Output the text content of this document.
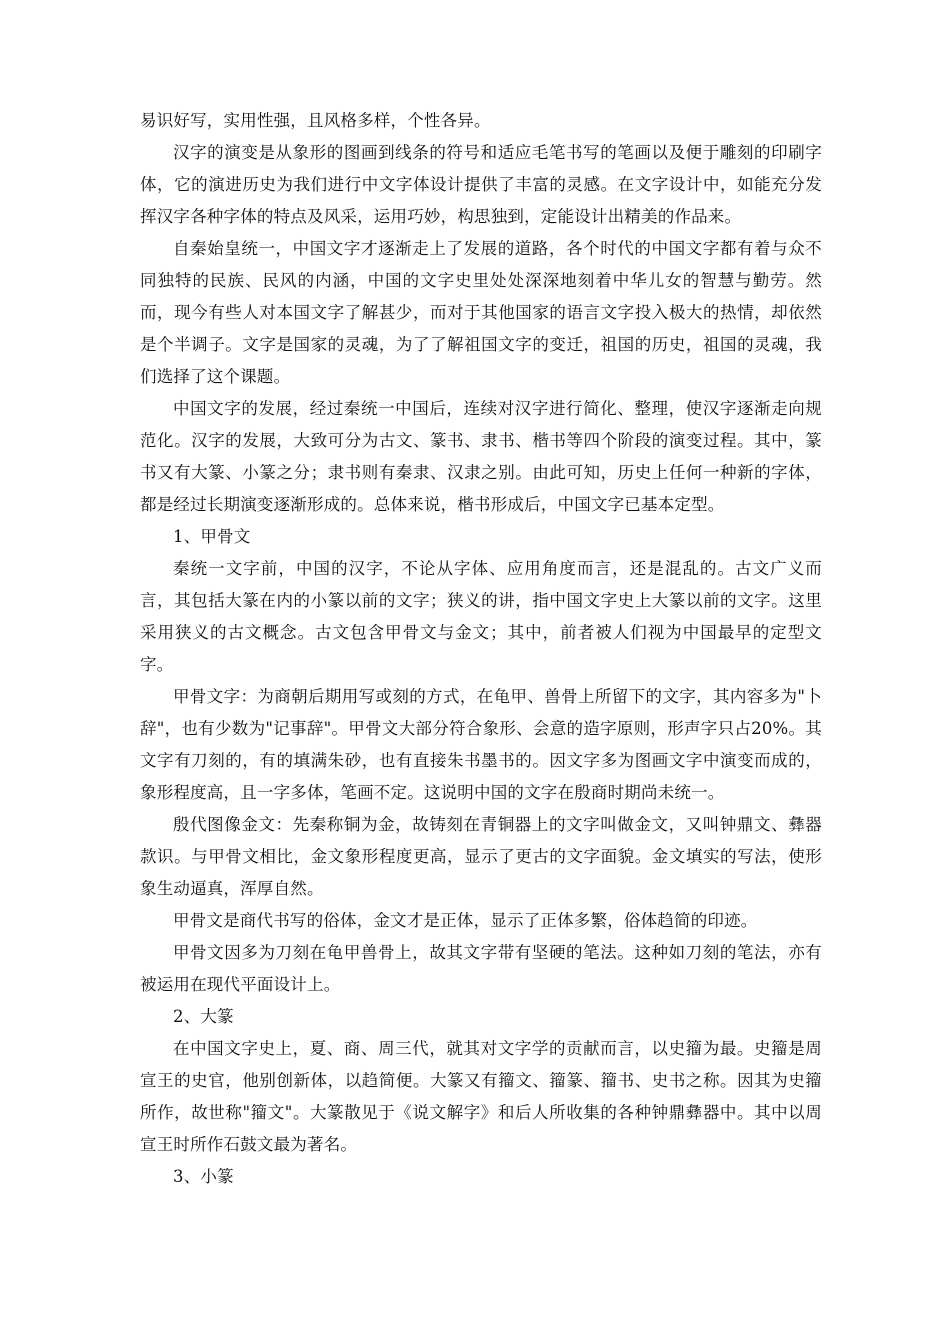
易识好写，实用性强，且风格多样，个性各异。

汉字的演变是从象形的图画到线条的符号和适应毛笔书写的笔画以及便于雕刻的印刷字体，它的演进历史为我们进行中文字体设计提供了丰富的灵感。在文字设计中，如能充分发挥汉字各种字体的特点及风采，运用巧妙，构思独到，定能设计出精美的作品来。

自秦始皇统一，中国文字才逐渐走上了发展的道路，各个时代的中国文字都有着与众不同独特的民族、民风的内涵，中国的文字史里处处深深地刻着中华儿女的智慧与勤劳。然而，现今有些人对本国文字了解甚少，而对于其他国家的语言文字投入极大的热情，却依然是个半调子。文字是国家的灵魂，为了了解祖国文字的变迁，祖国的历史，祖国的灵魂，我们选择了这个课题。

中国文字的发展，经过秦统一中国后，连续对汉字进行简化、整理，使汉字逐渐走向规范化。汉字的发展，大致可分为古文、篆书、隶书、楷书等四个阶段的演变过程。其中，篆书又有大篆、小篆之分；隶书则有秦隶、汉隶之别。由此可知，历史上任何一种新的字体，都是经过长期演变逐渐形成的。总体来说，楷书形成后，中国文字已基本定型。

1、甲骨文

秦统一文字前，中国的汉字，不论从字体、应用角度而言，还是混乱的。古文广义而言，其包括大篆在内的小篆以前的文字；狭义的讲，指中国文字史上大篆以前的文字。这里采用狭义的古文概念。古文包含甲骨文与金文；其中，前者被人们视为中国最早的定型文字。

甲骨文字：为商朝后期用写或刻的方式，在龟甲、兽骨上所留下的文字，其内容多为"卜辞"，也有少数为"记事辞"。甲骨文大部分符合象形、会意的造字原则，形声字只占20%。其文字有刀刻的，有的填满朱砂，也有直接朱书墨书的。因文字多为图画文字中演变而成的，象形程度高，且一字多体，笔画不定。这说明中国的文字在殷商时期尚未统一。

殷代图像金文：先秦称铜为金，故铸刻在青铜器上的文字叫做金文，又叫钟鼎文、彝器款识。与甲骨文相比，金文象形程度更高，显示了更古的文字面貌。金文填实的写法，使形象生动逼真，浑厚自然。

甲骨文是商代书写的俗体，金文才是正体，显示了正体多繁，俗体趋简的印迹。

甲骨文因多为刀刻在龟甲兽骨上，故其文字带有坚硬的笔法。这种如刀刻的笔法，亦有被运用在现代平面设计上。

2、大篆

在中国文字史上，夏、商、周三代，就其对文字学的贡献而言，以史籀为最。史籀是周宣王的史官，他别创新体，以趋简便。大篆又有籀文、籀篆、籀书、史书之称。因其为史籀所作，故世称"籀文"。大篆散见于《说文解字》和后人所收集的各种钟鼎彝器中。其中以周宣王时所作石鼓文最为著名。

3、小篆
